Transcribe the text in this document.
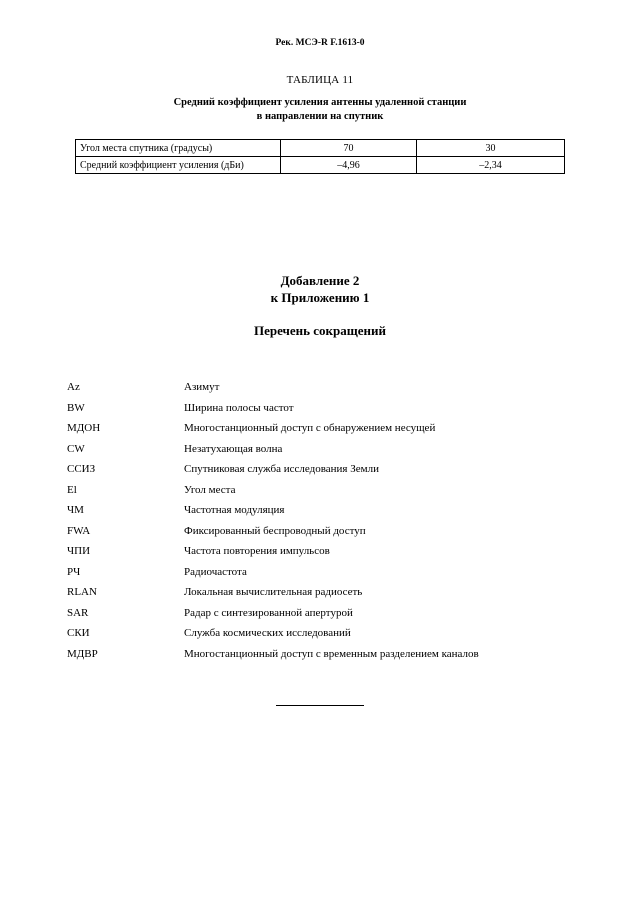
Рек. МСЭ-R F.1613-0
ТАБЛИЦА 11
Средний коэффициент усиления антенны удаленной станции
в направлении на спутник
Угол места спутника (градусы)	70	30
Средний коэффициент усиления (дБи)	–4,96	–2,34
Добавление 2
к Приложению 1
Перечень сокращений
Az	Азимут
BW	Ширина полосы частот
МДОН	Многостанционный доступ с обнаружением несущей
CW	Незатухающая волна
ССИЗ	Спутниковая служба исследования Земли
El	Угол места
ЧМ	Частотная модуляция
FWA	Фиксированный беспроводный доступ
ЧПИ	Частота повторения импульсов
РЧ	Радиочастота
RLAN	Локальная вычислительная радиосеть
SAR	Радар с синтезированной апертурой
СКИ	Служба космических исследований
МДВР	Многостанционный доступ с временным разделением каналов
